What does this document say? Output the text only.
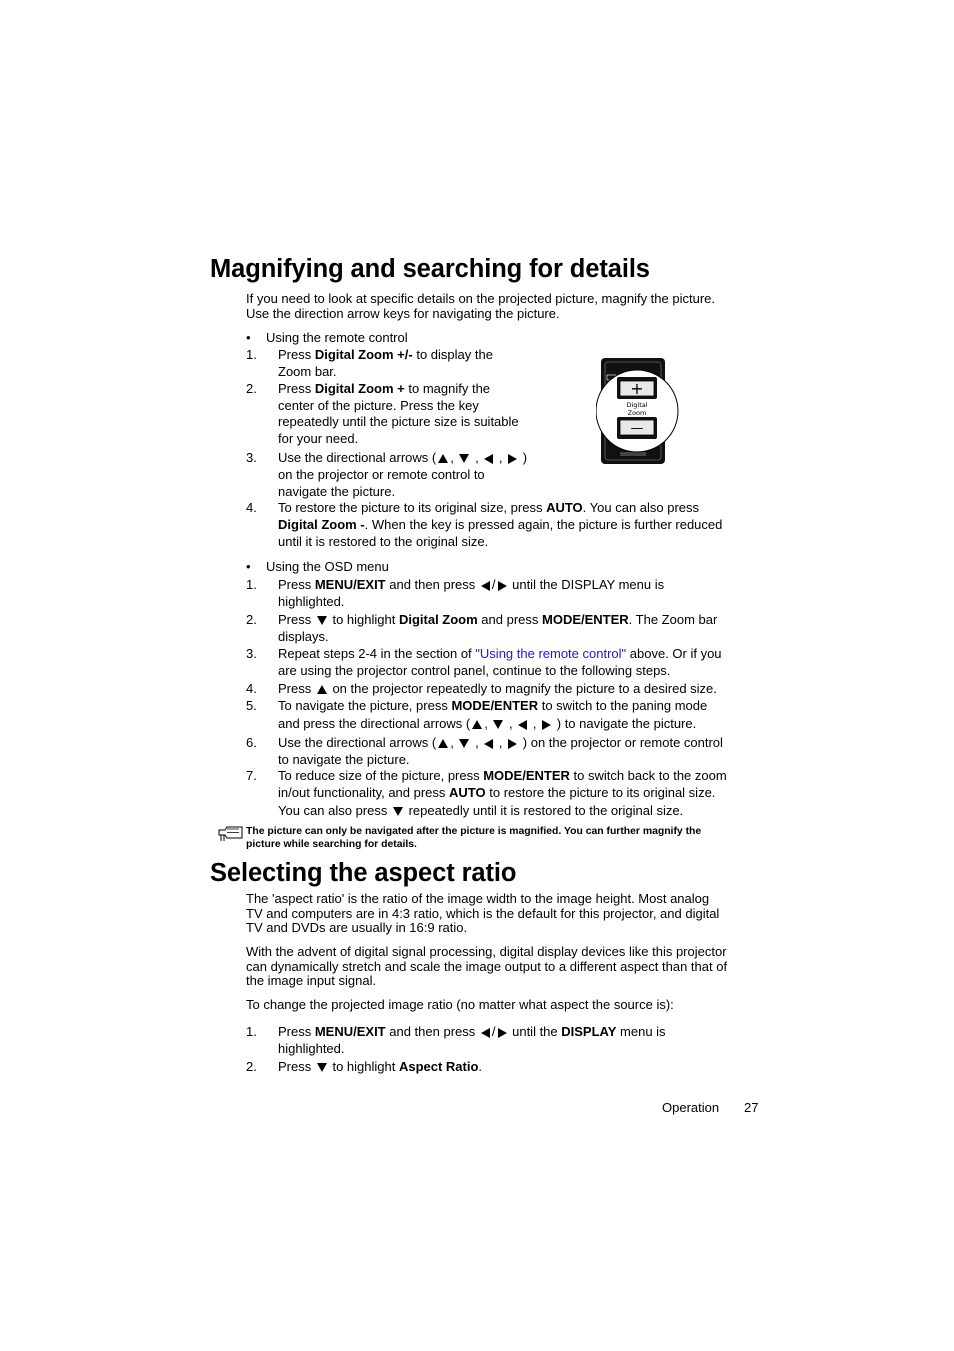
Magnifying and searching for details
If you need to look at specific details on the projected picture, magnify the picture.
Use the direction arrow keys for navigating the picture.
• Using the remote control
1. Press Digital Zoom +/- to display the
Zoom bar.
2. Press Digital Zoom + to magnify the
center of the picture. Press the key
repeatedly until the picture size is suitable
for your need.
3. Use the directional arrows ( ,  ,  ,  )
on the projector or remote control to
navigate the picture.
4. To restore the picture to its original size, press AUTO. You can also press
Digital Zoom -. When the key is pressed again, the picture is further reduced
until it is restored to the original size.
+
Digital
Zoom
—
• Using the OSD menu
1. Press MENU/EXIT and then press / until the DISPLAY menu is
highlighted.
2. Press  to highlight Digital Zoom and press MODE/ENTER. The Zoom bar
displays.
3. Repeat steps 2-4 in the section of "Using the remote control" above. Or if you
are using the projector control panel, continue to the following steps.
4. Press  on the projector repeatedly to magnify the picture to a desired size.
5. To navigate the picture, press MODE/ENTER to switch to the paning mode
and press the directional arrows ( ,  ,  ,  ) to navigate the picture.
6. Use the directional arrows ( ,  ,  ,  ) on the projector or remote control
to navigate the picture.
7. To reduce size of the picture, press MODE/ENTER to switch back to the zoom
in/out functionality, and press AUTO to restore the picture to its original size.
You can also press  repeatedly until it is restored to the original size.
The picture can only be navigated after the picture is magnified. You can further magnify the
picture while searching for details.
Selecting the aspect ratio
The 'aspect ratio' is the ratio of the image width to the image height. Most analog
TV and computers are in 4:3 ratio, which is the default for this projector, and digital
TV and DVDs are usually in 16:9 ratio.
With the advent of digital signal processing, digital display devices like this projector
can dynamically stretch and scale the image output to a different aspect than that of
the image input signal.
To change the projected image ratio (no matter what aspect the source is):
1. Press MENU/EXIT and then press / until the DISPLAY menu is
highlighted.
2. Press  to highlight Aspect Ratio.
Operation 27
